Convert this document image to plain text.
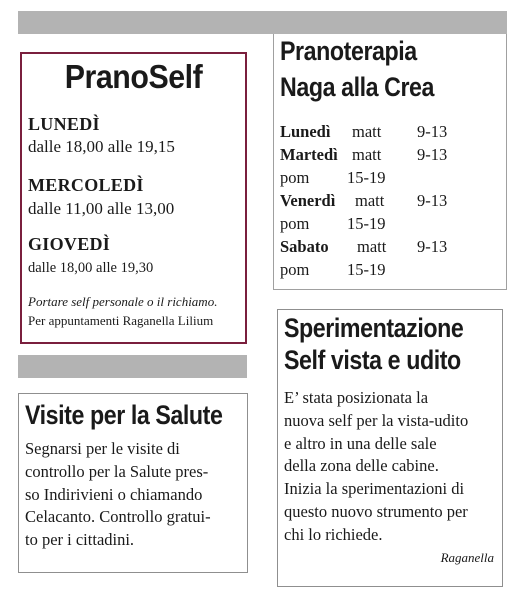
PranoSelf
LUNEDÌ
dalle 18,00 alle 19,15
MERCOLEDÌ
dalle 11,00 alle 13,00
GIOVEDÌ
dalle 18,00 alle 19,30
Portare self personale o il richiamo.
Per appuntamenti Raganella Lilium
Pranoterapia
Naga alla Crea
Lunedì matt 9-13
Martedì matt 9-13
pom 15-19
Venerdì matt 9-13
pom 15-19
Sabato matt 9-13
pom 15-19
Visite per la Salute
Segnarsi per le visite di
controllo per la Salute pres-
so Indirivieni o chiamando
Celacanto. Controllo gratui-
to per i cittadini.
Sperimentazione
Self vista e udito
E’ stata posizionata la
nuova self per la vista-udito
e altro in una delle sale
della zona delle cabine.
Inizia la sperimentazioni di
questo nuovo strumento per
chi lo richiede.
Raganella
